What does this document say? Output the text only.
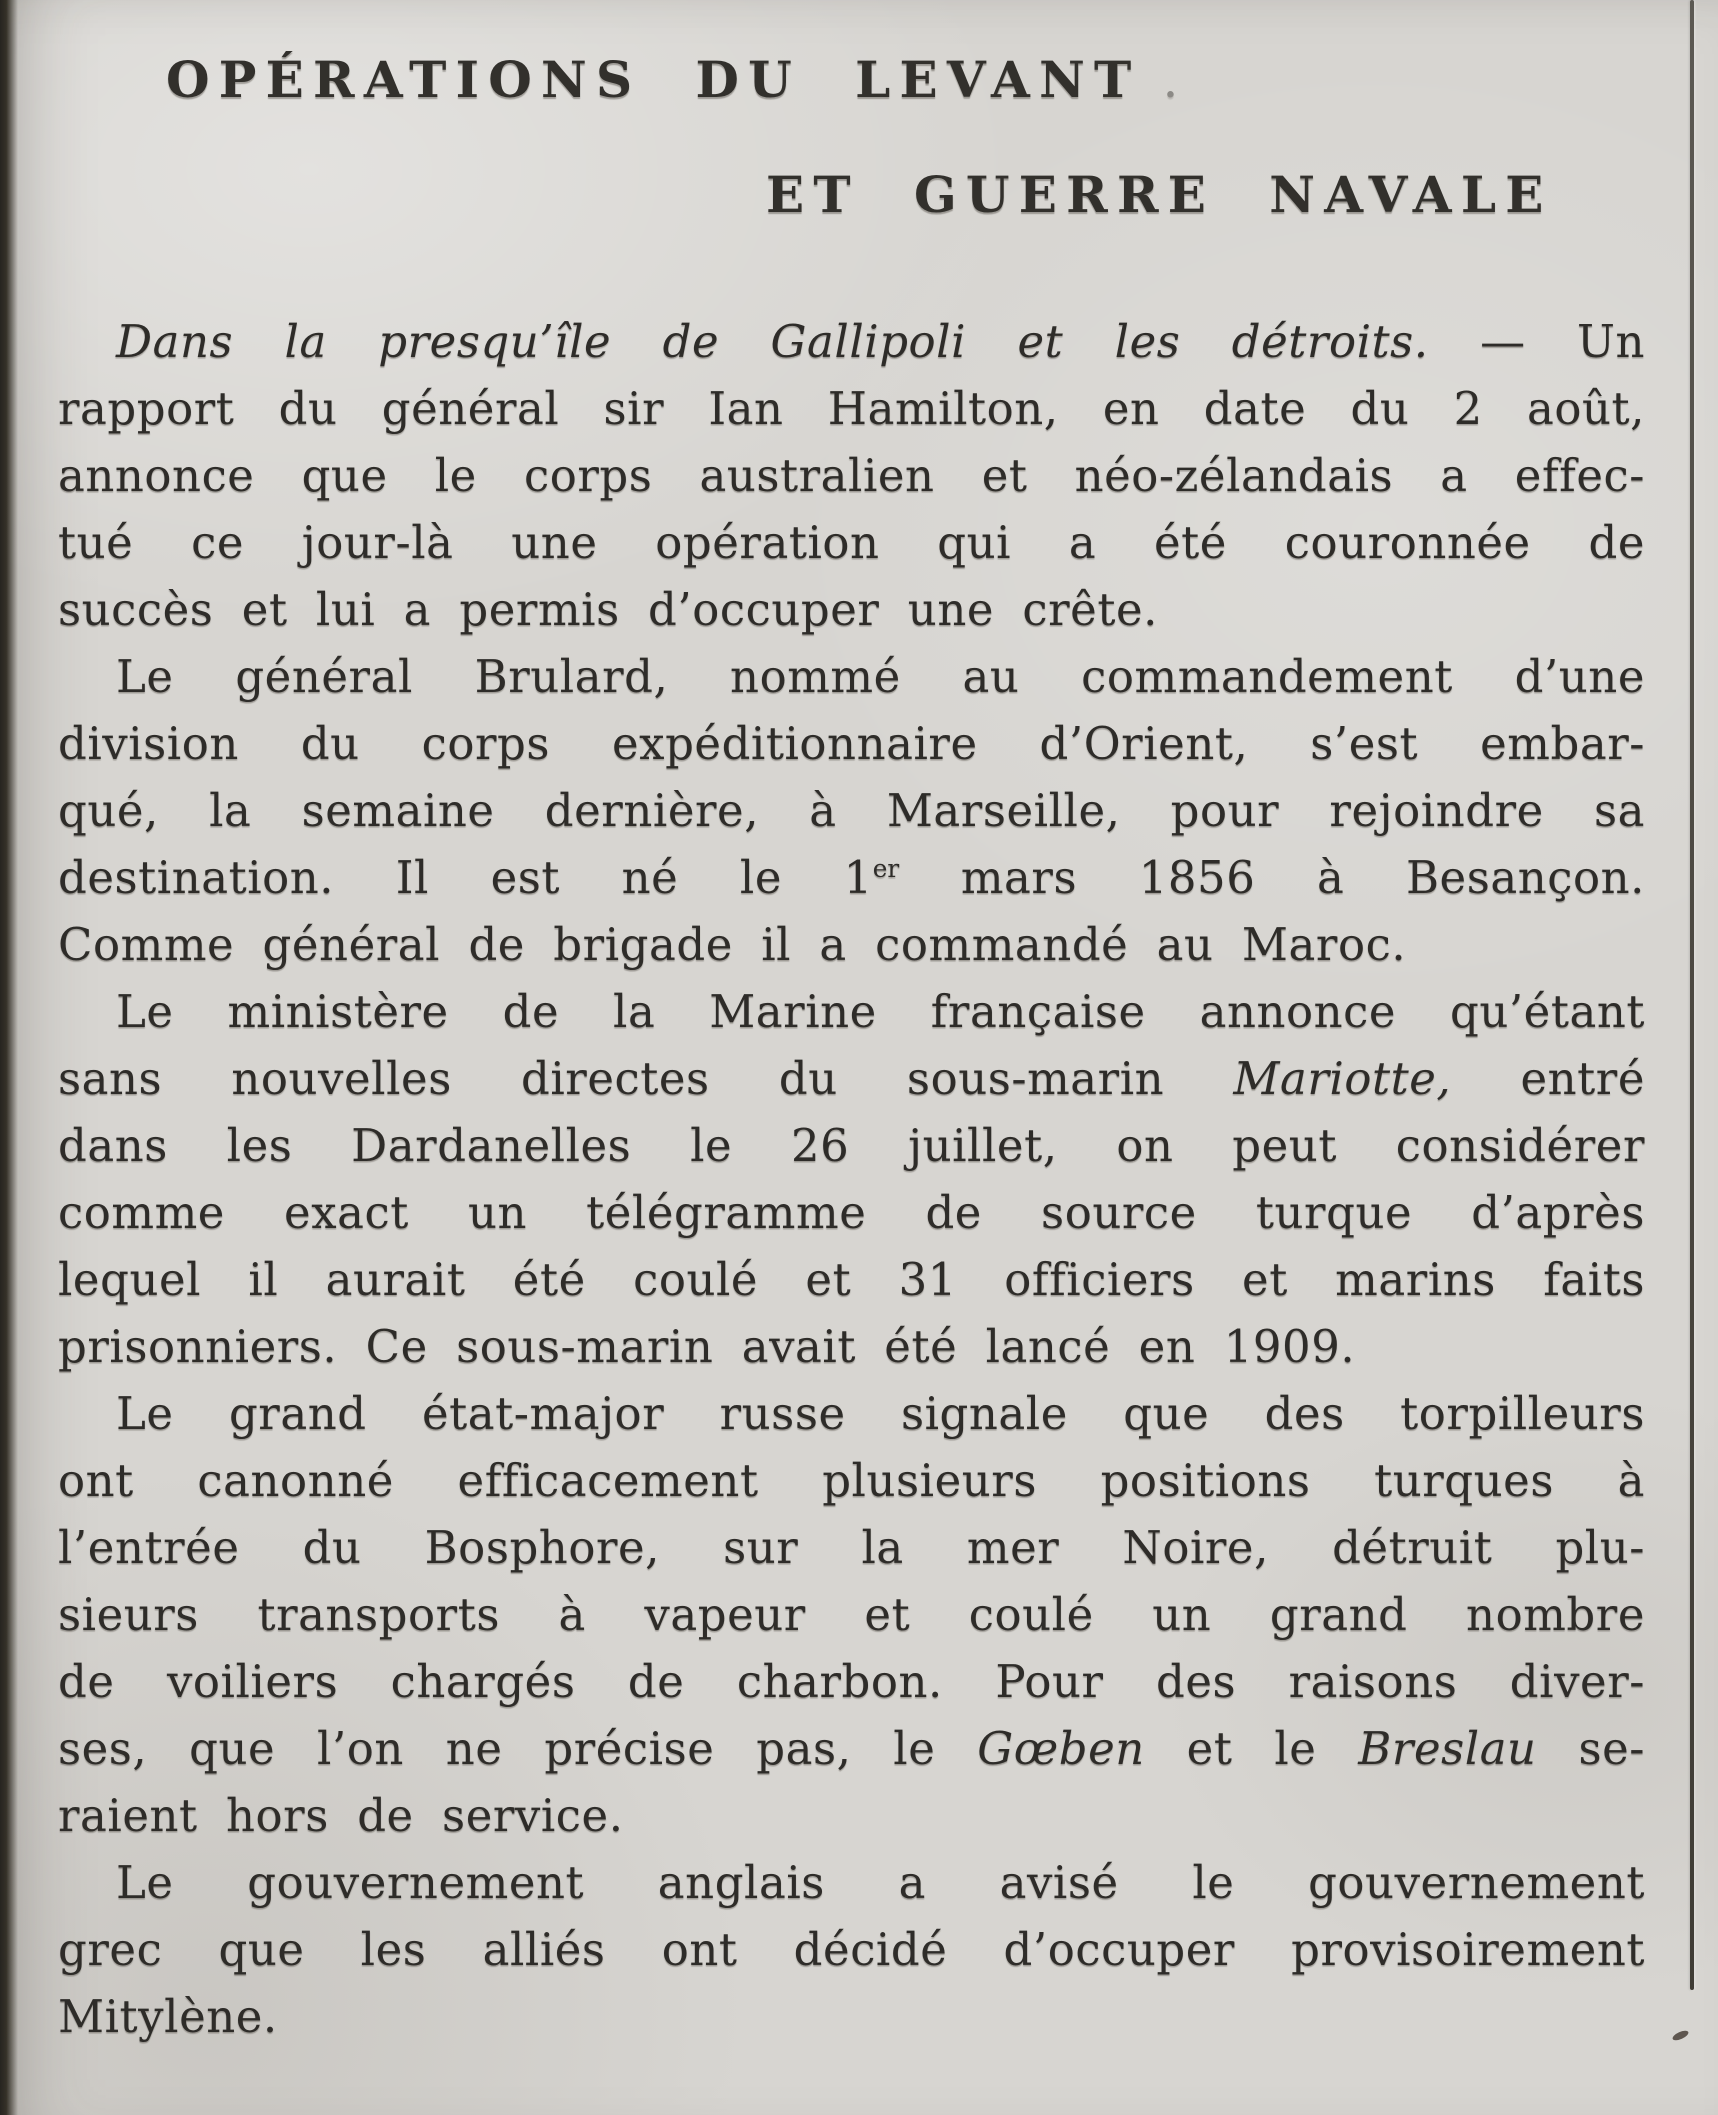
OPÉRATIONS DU LEVANT .
ET GUERRE NAVALE
Dans la presqu’île de Gallipoli et les détroits. — Un
rapport du général sir Ian Hamilton, en date du 2 août,
annonce que le corps australien et néo-zélandais a effec-
tué ce jour-là une opération qui a été couronnée de
succès et lui a permis d’occuper une crête.
Le général Brulard, nommé au commandement d’une
division du corps expéditionnaire d’Orient, s’est embar-
qué, la semaine dernière, à Marseille, pour rejoindre sa
destination. Il est né le 1er mars 1856 à Besançon.
Comme général de brigade il a commandé au Maroc.
Le ministère de la Marine française annonce qu’étant
sans nouvelles directes du sous-marin Mariotte, entré
dans les Dardanelles le 26 juillet, on peut considérer
comme exact un télégramme de source turque d’après
lequel il aurait été coulé et 31 officiers et marins faits
prisonniers. Ce sous-marin avait été lancé en 1909.
Le grand état-major russe signale que des torpilleurs
ont canonné efficacement plusieurs positions turques à
l’entrée du Bosphore, sur la mer Noire, détruit plu-
sieurs transports à vapeur et coulé un grand nombre
de voiliers chargés de charbon. Pour des raisons diver-
ses, que l’on ne précise pas, le Gœben et le Breslau se-
raient hors de service.
Le gouvernement anglais a avisé le gouvernement
grec que les alliés ont décidé d’occuper provisoirement
Mitylène.
